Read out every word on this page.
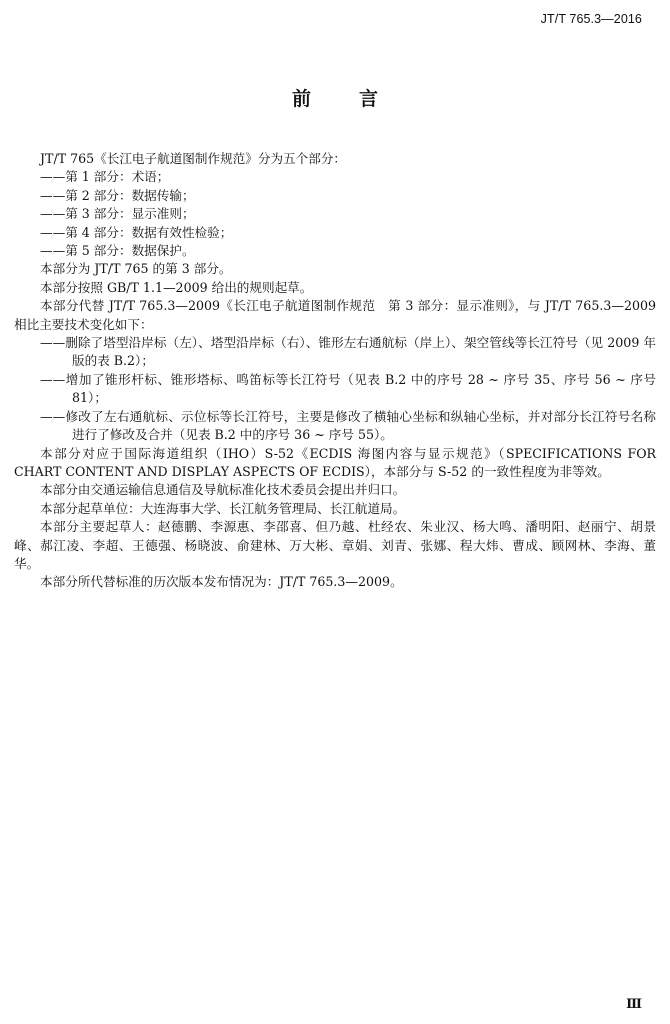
JT/T 765.3—2016
前言

JT/T 765《长江电子航道图制作规范》分为五个部分：

——第 1 部分：术语；

——第 2 部分：数据传输；

——第 3 部分：显示准则；

——第 4 部分：数据有效性检验；

——第 5 部分：数据保护。

本部分为 JT/T 765 的第 3 部分。

本部分按照 GB/T 1.1—2009 给出的规则起草。

本部分代替 JT/T 765.3—2009《长江电子航道图制作规范　第 3 部分：显示准则》，与 JT/T 765.3—2009 相比主要技术变化如下：

——删除了塔型沿岸标（左）、塔型沿岸标（右）、锥形左右通航标（岸上）、架空管线等长江符号（见 2009 年版的表 B.2）；

——增加了锥形杆标、锥形塔标、鸣笛标等长江符号（见表 B.2 中的序号 28 ~ 序号 35、序号 56 ~ 序号 81）；

——修改了左右通航标、示位标等长江符号，主要是修改了横轴心坐标和纵轴心坐标，并对部分长江符号名称进行了修改及合并（见表 B.2 中的序号 36 ~ 序号 55）。

本部分对应于国际海道组织（IHO）S-52《ECDIS 海图内容与显示规范》（SPECIFICATIONS FOR CHART CONTENT AND DISPLAY ASPECTS OF ECDIS），本部分与 S-52 的一致性程度为非等效。

本部分由交通运输信息通信及导航标准化技术委员会提出并归口。

本部分起草单位：大连海事大学、长江航务管理局、长江航道局。

本部分主要起草人：赵德鹏、李源惠、李邵喜、但乃越、杜经农、朱业汉、杨大鸣、潘明阳、赵丽宁、胡景峰、郝江凌、李超、王德强、杨晓波、俞建林、万大彬、章娟、刘青、张娜、程大炜、曹成、顾网林、李海、董华。

本部分所代替标准的历次版本发布情况为：JT/T 765.3—2009。

Ⅲ
